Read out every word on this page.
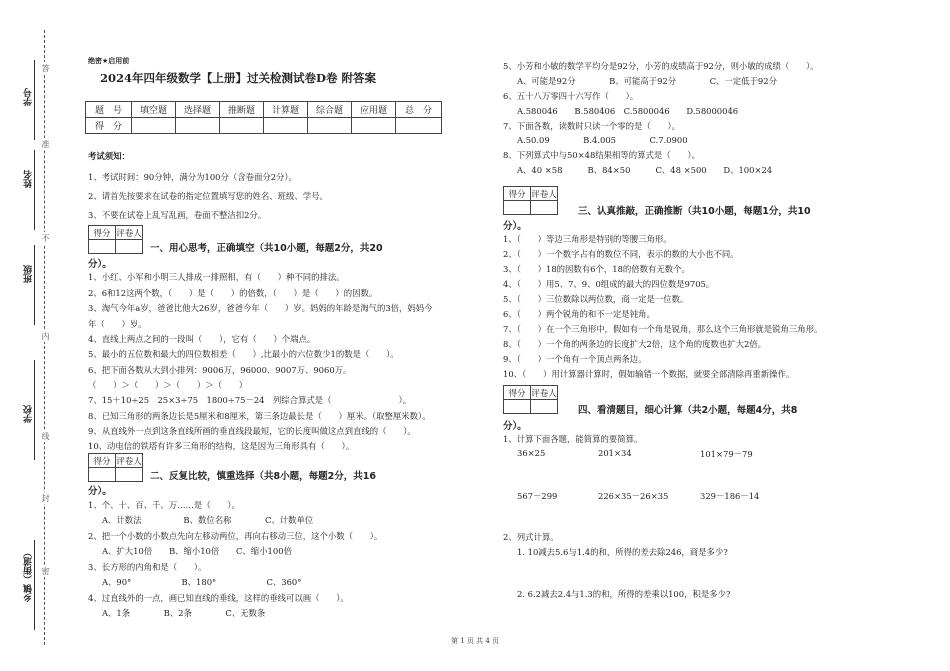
学号
姓名
班级
学校
乡镇（街道）
答
准
不
内
线
封
密
绝密★启用前
2024年四年级数学【上册】过关检测试卷D卷 附答案
题　号	填空题	选择题	推断题	计算题	综合题	应用题	总　分
得　分							
考试须知：
1、考试时间：90分钟，满分为100分（含卷面分2分）。
2、请首先按要求在试卷的指定位置填写您的姓名、班级、学号。
3、不要在试卷上乱写乱画，卷面不整洁扣2分。
得分	评卷人

一、用心思考，正确填空（共10小题，每题2分，共20
分）。
1、小红、小军和小明三人排成一排照相，有（　　）种不同的排法。
2、6和12这两个数，（　　）是（　　）的倍数，（　　）是（　　）的因数。
3、淘气今年a岁，爸爸比他大26岁，爸爸今年（　　）岁。妈妈的年龄是淘气的3倍，妈妈今
年（　　）岁。
4、直线上两点之间的一段叫（　　），它有（　　）个端点。
5、最小的五位数和最大的四位数相差（　　）,比最小的六位数少1的数是（　　）。
6、把下面各数从大到小排列：9006万，96000、9007万、9060万。
（　　）＞（　　）＞（　　）＞（　　）
7、15＋10÷25　25×3÷75　1800÷75－24　列综合算式是（　　　　　　　　）。
8、已知三角形的两条边长是5厘米和8厘米，第三条边最长是（　　）厘米。（取整厘米数）。
9、从直线外一点到这条直线所画的垂直线段最短，它的长度叫做这点到直线的（　　）。
10、动电信的铁塔有许多三角形的结构，这是因为三角形具有（　　）。
得分	评卷人

二、反复比较，慎重选择（共8小题，每题2分，共16
分）。
1、个、十、百、千、万……是（　　）。
A、计数法　　　　　B、数位名称　　　　C、计数单位
2、把一个小数的小数点先向左移动两位，再向右移动三位，这个小数（　　）。
A、扩大10倍　　B、缩小10倍　　C、缩小100倍
3、长方形的内角和是（　　）。
A、90°　　　　　　B、180°　　　　　　C、360°
4、过直线外的一点，画已知直线的垂线，这样的垂线可以画（　　）。
A、1条　　　　B、2条　　　　C、无数条
5、小芳和小敏的数学平均分是92分，小芳的成绩高于92分，则小敏的成绩（　　）。
A、可能是92分　　　　B、可能高于92分　　　　C、一定低于92分
6、五十八万零四十六写作（　　）。
A.580046　　B.580406　C.5800046　　D.58000046
7、下面各数，读数时只读一个零的是（　　）。
A.50.09　　　　B.4.005　　　　C.7.0900
8、下列算式中与50×48结果相等的算式是（　　）。
A、40 ×58　　　B、84×50　　　C、48 ×500　　D、100×24
得分	评卷人

三、认真推敲，正确推断（共10小题，每题1分，共10
分）。
1、（　　）等边三角形是特别的等腰三角形。
2、（　　）一个数字占有的数位不同，表示的数的大小也不同。
3、（　　）18的因数有6个，18的倍数有无数个。
4、（　　）用5、7、9、0组成的最大的四位数是9705。
5、（　　）三位数除以两位数，商一定是一位数。
6、（　　）两个锐角的和不一定是钝角。
7、（　　）在一个三角形中，假如有一个角是锐角，那么这个三角形就是锐角三角形。
8、（　　）一个角的两条边的长度扩大2倍，这个角的度数也扩大2倍。
9、（　　）一个角有一个顶点两条边。
10、（　　）用计算器计算时，假如输错一个数据，就要全部清除再重新操作。
得分	评卷人

四、看清题目，细心计算（共2小题，每题4分，共8
分）。
1、计算下面各题，能简算的要简算。
36×25	201×34	101×79－79
567－299	226×35－26×35	329－186－14
2、列式计算。
1. 10减去5.6与1.4的和，所得的差去除246，商是多少?
2. 6.2减去2.4与1.3的和，所得的差乘以100，积是多少?
第 1 页 共 4 页
